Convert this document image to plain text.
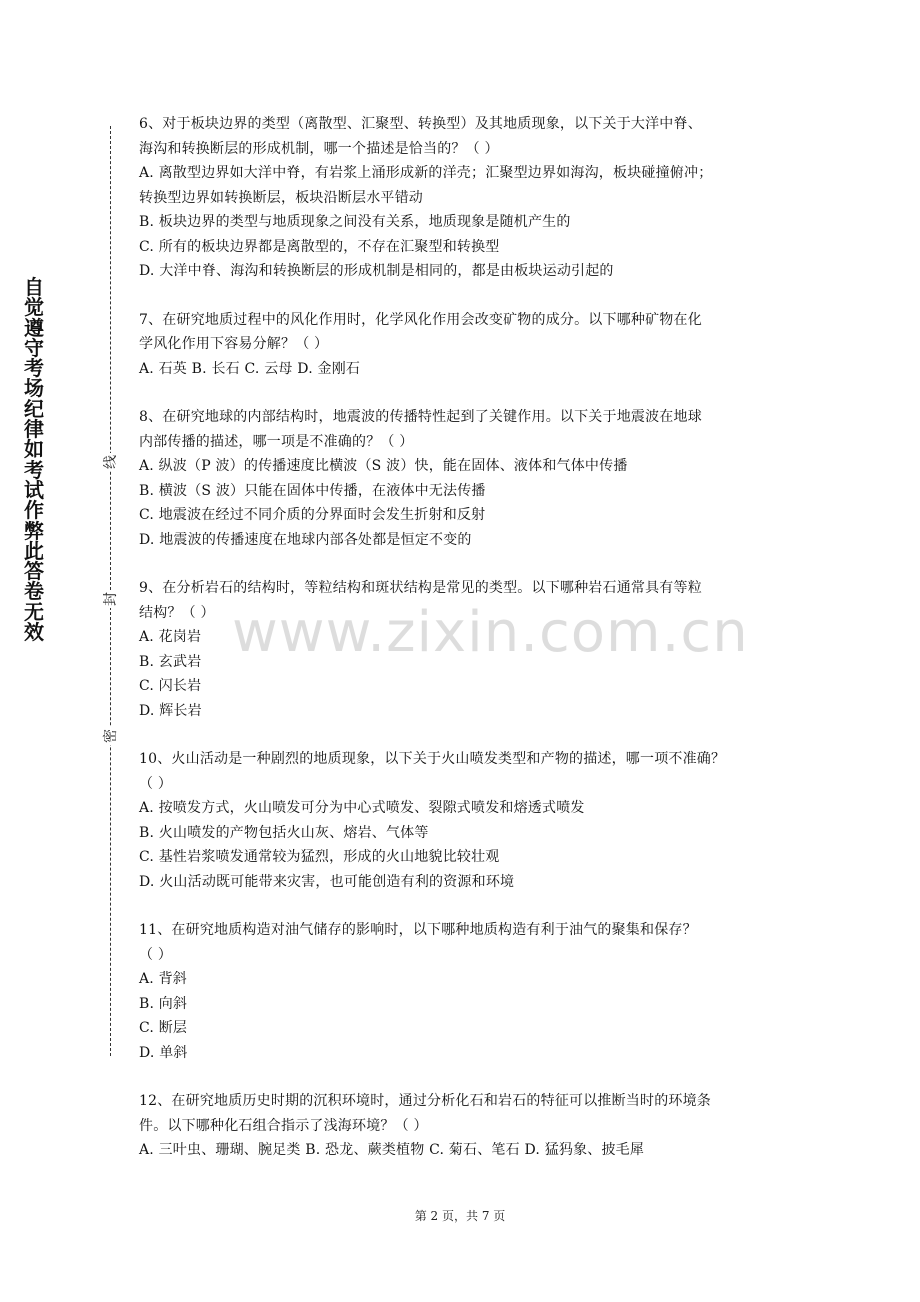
自觉遵守考场纪律如考试作弊此答卷无效
线
封
密
www.zixin.com.cn

6、对于板块边界的类型（离散型、汇聚型、转换型）及其地质现象，以下关于大洋中脊、

海沟和转换断层的形成机制，哪一个描述是恰当的？（ ）

A. 离散型边界如大洋中脊，有岩浆上涌形成新的洋壳；汇聚型边界如海沟，板块碰撞俯冲；

转换型边界如转换断层，板块沿断层水平错动

B. 板块边界的类型与地质现象之间没有关系，地质现象是随机产生的

C. 所有的板块边界都是离散型的，不存在汇聚型和转换型

D. 大洋中脊、海沟和转换断层的形成机制是相同的，都是由板块运动引起的

7、在研究地质过程中的风化作用时，化学风化作用会改变矿物的成分。以下哪种矿物在化

学风化作用下容易分解？（ ）

A. 石英 B. 长石 C. 云母 D. 金刚石

8、在研究地球的内部结构时，地震波的传播特性起到了关键作用。以下关于地震波在地球

内部传播的描述，哪一项是不准确的？（ ）

A. 纵波（P 波）的传播速度比横波（S 波）快，能在固体、液体和气体中传播

B. 横波（S 波）只能在固体中传播，在液体中无法传播

C. 地震波在经过不同介质的分界面时会发生折射和反射

D. 地震波的传播速度在地球内部各处都是恒定不变的

9、在分析岩石的结构时，等粒结构和斑状结构是常见的类型。以下哪种岩石通常具有等粒

结构？（ ）

A. 花岗岩

B. 玄武岩

C. 闪长岩

D. 辉长岩

10、火山活动是一种剧烈的地质现象，以下关于火山喷发类型和产物的描述，哪一项不准确？

（ ）

A. 按喷发方式，火山喷发可分为中心式喷发、裂隙式喷发和熔透式喷发

B. 火山喷发的产物包括火山灰、熔岩、气体等

C. 基性岩浆喷发通常较为猛烈，形成的火山地貌比较壮观

D. 火山活动既可能带来灾害，也可能创造有利的资源和环境

11、在研究地质构造对油气储存的影响时，以下哪种地质构造有利于油气的聚集和保存？

（ ）

A. 背斜

B. 向斜

C. 断层

D. 单斜

12、在研究地质历史时期的沉积环境时，通过分析化石和岩石的特征可以推断当时的环境条

件。以下哪种化石组合指示了浅海环境？（ ）

A. 三叶虫、珊瑚、腕足类 B. 恐龙、蕨类植物 C. 菊石、笔石 D. 猛犸象、披毛犀

第 2 页，共 7 页
